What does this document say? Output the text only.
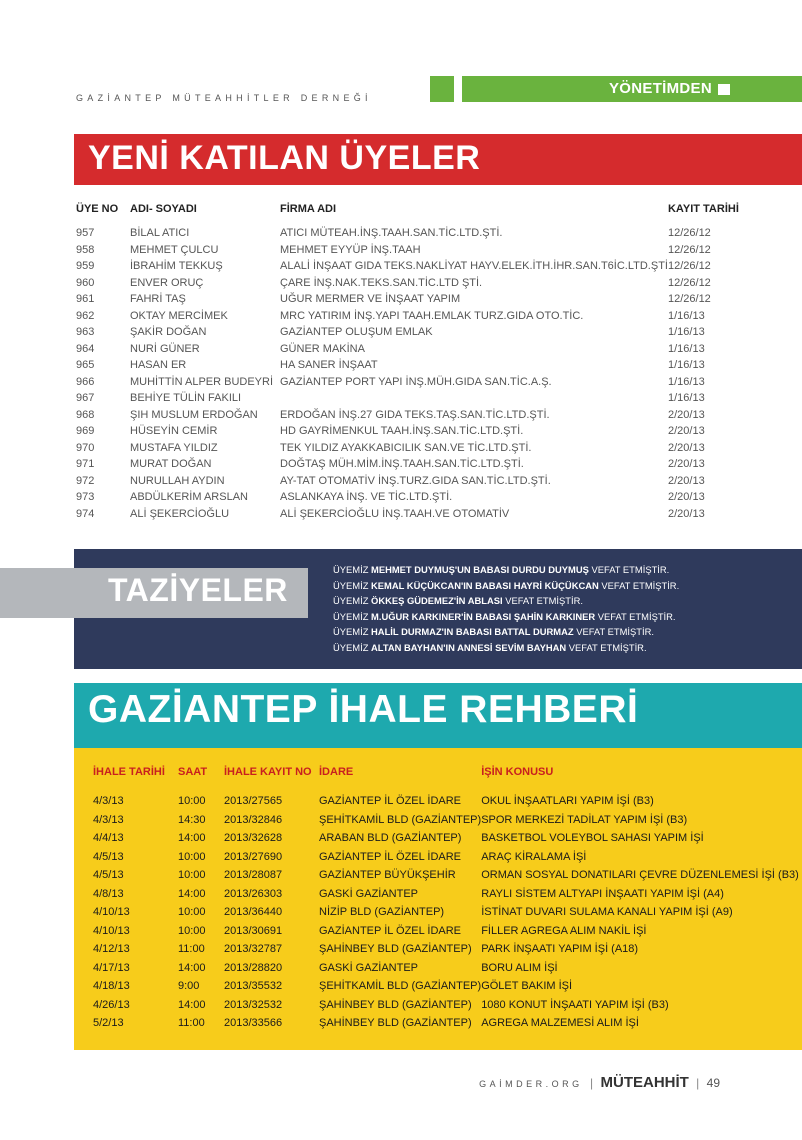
GAZİANTEP MÜTEAHHİTLER DERNEĞİ
YÖNETİMDEN
YENİ KATILAN ÜYELER
ÜYE NO	ADI- SOYADI	FİRMA ADI	KAYIT TARİHİ
957	BİLAL ATICI	ATICI MÜTEAH.İNŞ.TAAH.SAN.TİC.LTD.ŞTİ.	12/26/12
958	MEHMET ÇULCU	MEHMET EYYÜP İNŞ.TAAH	12/26/12
959	İBRAHİM TEKKUŞ	ALALİ İNŞAAT GIDA TEKS.NAKLİYAT HAYV.ELEK.İTH.İHR.SAN.T6İC.LTD.ŞTİ	12/26/12
960	ENVER ORUÇ	ÇARE İNŞ.NAK.TEKS.SAN.TİC.LTD ŞTİ.	12/26/12
961	FAHRİ TAŞ	UĞUR MERMER VE İNŞAAT YAPIM	12/26/12
962	OKTAY MERCİMEK	MRC YATIRIM İNŞ.YAPI TAAH.EMLAK TURZ.GIDA OTO.TİC.	1/16/13
963	ŞAKİR DOĞAN	GAZİANTEP OLUŞUM EMLAK	1/16/13
964	NURİ GÜNER	GÜNER MAKİNA	1/16/13
965	HASAN ER	HA SANER İNŞAAT	1/16/13
966	MUHİTTİN ALPER BUDEYRİ	GAZİANTEP PORT YAPI İNŞ.MÜH.GIDA SAN.TİC.A.Ş.	1/16/13
967	BEHİYE TÜLİN FAKILI		1/16/13
968	ŞIH MUSLUM ERDOĞAN	ERDOĞAN İNŞ.27 GIDA TEKS.TAŞ.SAN.TİC.LTD.ŞTİ.	2/20/13
969	HÜSEYİN CEMİR	HD GAYRİMENKUL TAAH.İNŞ.SAN.TİC.LTD.ŞTİ.	2/20/13
970	MUSTAFA YILDIZ	TEK YILDIZ AYAKKABICILIK SAN.VE TİC.LTD.ŞTİ.	2/20/13
971	MURAT DOĞAN	DOĞTAŞ MÜH.MİM.İNŞ.TAAH.SAN.TİC.LTD.ŞTİ.	2/20/13
972	NURULLAH AYDIN	AY-TAT OTOMATİV İNŞ.TURZ.GIDA SAN.TİC.LTD.ŞTİ.	2/20/13
973	ABDÜLKERİM ARSLAN	ASLANKAYA İNŞ. VE TİC.LTD.ŞTİ.	2/20/13
974	ALİ ŞEKERCİOĞLU	ALİ ŞEKERCİOĞLU İNŞ.TAAH.VE OTOMATİV	2/20/13
TAZİYELER
ÜYEMİZ MEHMET DUYMUŞ'UN BABASI DURDU DUYMUŞ VEFAT ETMİŞTİR.
ÜYEMİZ KEMAL KÜÇÜKCAN'IN BABASI HAYRİ KÜÇÜKCAN VEFAT ETMİŞTİR.
ÜYEMİZ ÖKKEŞ GÜDEMEZ'İN ABLASI VEFAT ETMİŞTİR.
ÜYEMİZ M.UĞUR KARKINER'İN BABASI ŞAHİN KARKINER VEFAT ETMİŞTİR.
ÜYEMİZ HALİL DURMAZ'IN BABASI BATTAL DURMAZ VEFAT ETMİŞTİR.
ÜYEMİZ ALTAN BAYHAN'IN ANNESİ SEVİM BAYHAN VEFAT ETMİŞTİR.
GAZİANTEP İHALE REHBERİ
İHALE TARİHİ	SAAT	İHALE KAYIT NO	İDARE	İŞİN KONUSU
4/3/13	10:00	2013/27565	GAZİANTEP İL ÖZEL İDARE	OKUL İNŞAATLARI YAPIM İŞİ (B3)
4/3/13	14:30	2013/32846	ŞEHİTKAMİL BLD (GAZİANTEP)	SPOR MERKEZİ TADİLAT YAPIM İŞİ (B3)
4/4/13	14:00	2013/32628	ARABAN BLD (GAZİANTEP)	BASKETBOL VOLEYBOL SAHASI YAPIM İŞİ
4/5/13	10:00	2013/27690	GAZİANTEP İL ÖZEL İDARE	ARAÇ KİRALAMA İŞİ
4/5/13	10:00	2013/28087	GAZİANTEP BÜYÜKŞEHİR	ORMAN SOSYAL DONATILARI ÇEVRE DÜZENLEMESİ İŞİ (B3)
4/8/13	14:00	2013/26303	GASKİ GAZİANTEP	RAYLI SİSTEM ALTYAPI İNŞAATI YAPIM İŞİ (A4)
4/10/13	10:00	2013/36440	NİZİP BLD (GAZİANTEP)	İSTİNAT DUVARI SULAMA KANALI YAPIM İŞİ (A9)
4/10/13	10:00	2013/30691	GAZİANTEP İL ÖZEL İDARE	FİLLER AGREGA ALIM NAKİL İŞİ
4/12/13	11:00	2013/32787	ŞAHİNBEY BLD (GAZİANTEP)	PARK İNŞAATI YAPIM İŞİ (A18)
4/17/13	14:00	2013/28820	GASKİ GAZİANTEP	BORU ALIM İŞİ
4/18/13	9:00	2013/35532	ŞEHİTKAMİL BLD (GAZİANTEP)	GÖLET BAKIM İŞİ
4/26/13	14:00	2013/32532	ŞAHİNBEY BLD (GAZİANTEP)	1080 KONUT İNŞAATI YAPIM İŞİ (B3)
5/2/13	11:00	2013/33566	ŞAHİNBEY BLD (GAZİANTEP)	AGREGA MALZEMESİ ALIM İŞİ
GAİMDER.ORG | MÜTEAHHİT | 49
